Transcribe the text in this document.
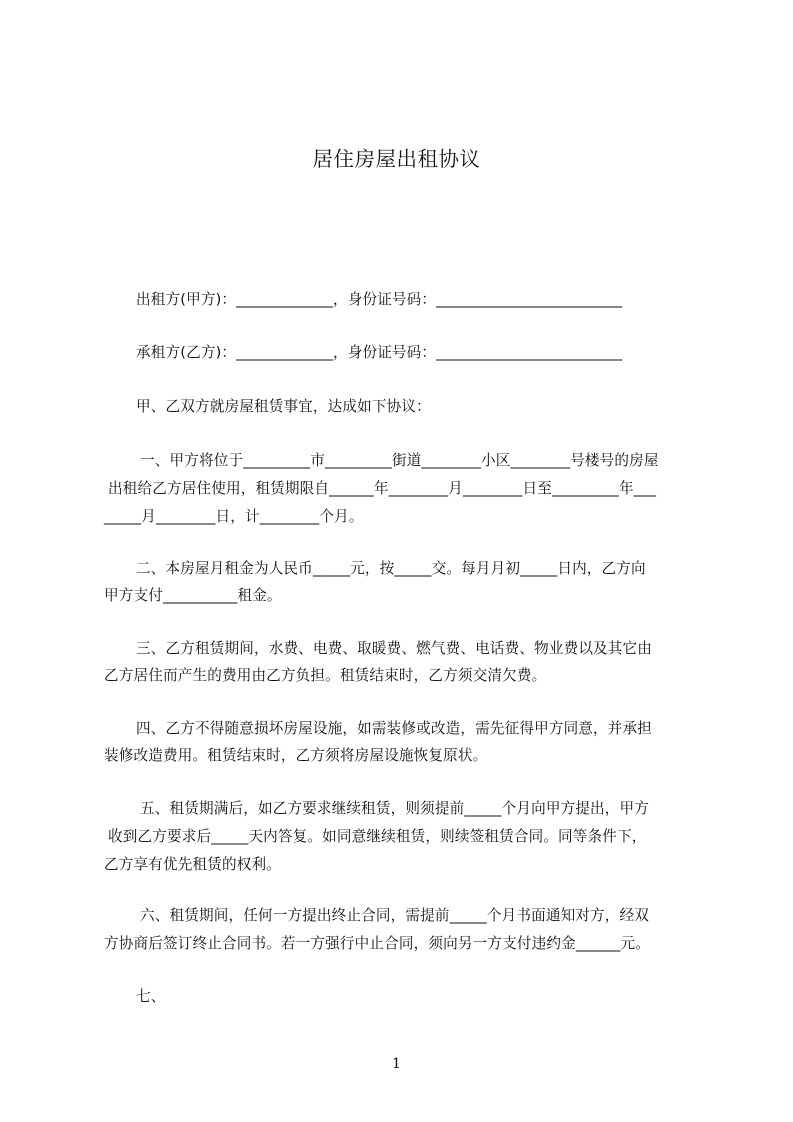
居住房屋出租协议

出租方(甲方)：_____________，身份证号码：_________________________

承租方(乙方)：_____________，身份证号码：_________________________

甲、乙双方就房屋租赁事宜，达成如下协议：

一、甲方将位于_________市_________街道________小区________号楼号的房屋

出租给乙方居住使用，租赁期限自______年________月________日至_________年___

_____月________日，计________个月。

二、本房屋月租金为人民币_____元，按_____交。每月月初_____日内，乙方向

甲方支付__________租金。

三、乙方租赁期间，水费、电费、取暖费、燃气费、电话费、物业费以及其它由

乙方居住而产生的费用由乙方负担。租赁结束时，乙方须交清欠费。

四、乙方不得随意损坏房屋设施，如需装修或改造，需先征得甲方同意，并承担

装修改造费用。租赁结束时，乙方须将房屋设施恢复原状。

五、租赁期满后，如乙方要求继续租赁，则须提前_____个月向甲方提出，甲方

收到乙方要求后_____天内答复。如同意继续租赁，则续签租赁合同。同等条件下，

乙方享有优先租赁的权利。

六、租赁期间，任何一方提出终止合同，需提前_____个月书面通知对方，经双

方协商后签订终止合同书。若一方强行中止合同，须向另一方支付违约金______元。

七、

1
